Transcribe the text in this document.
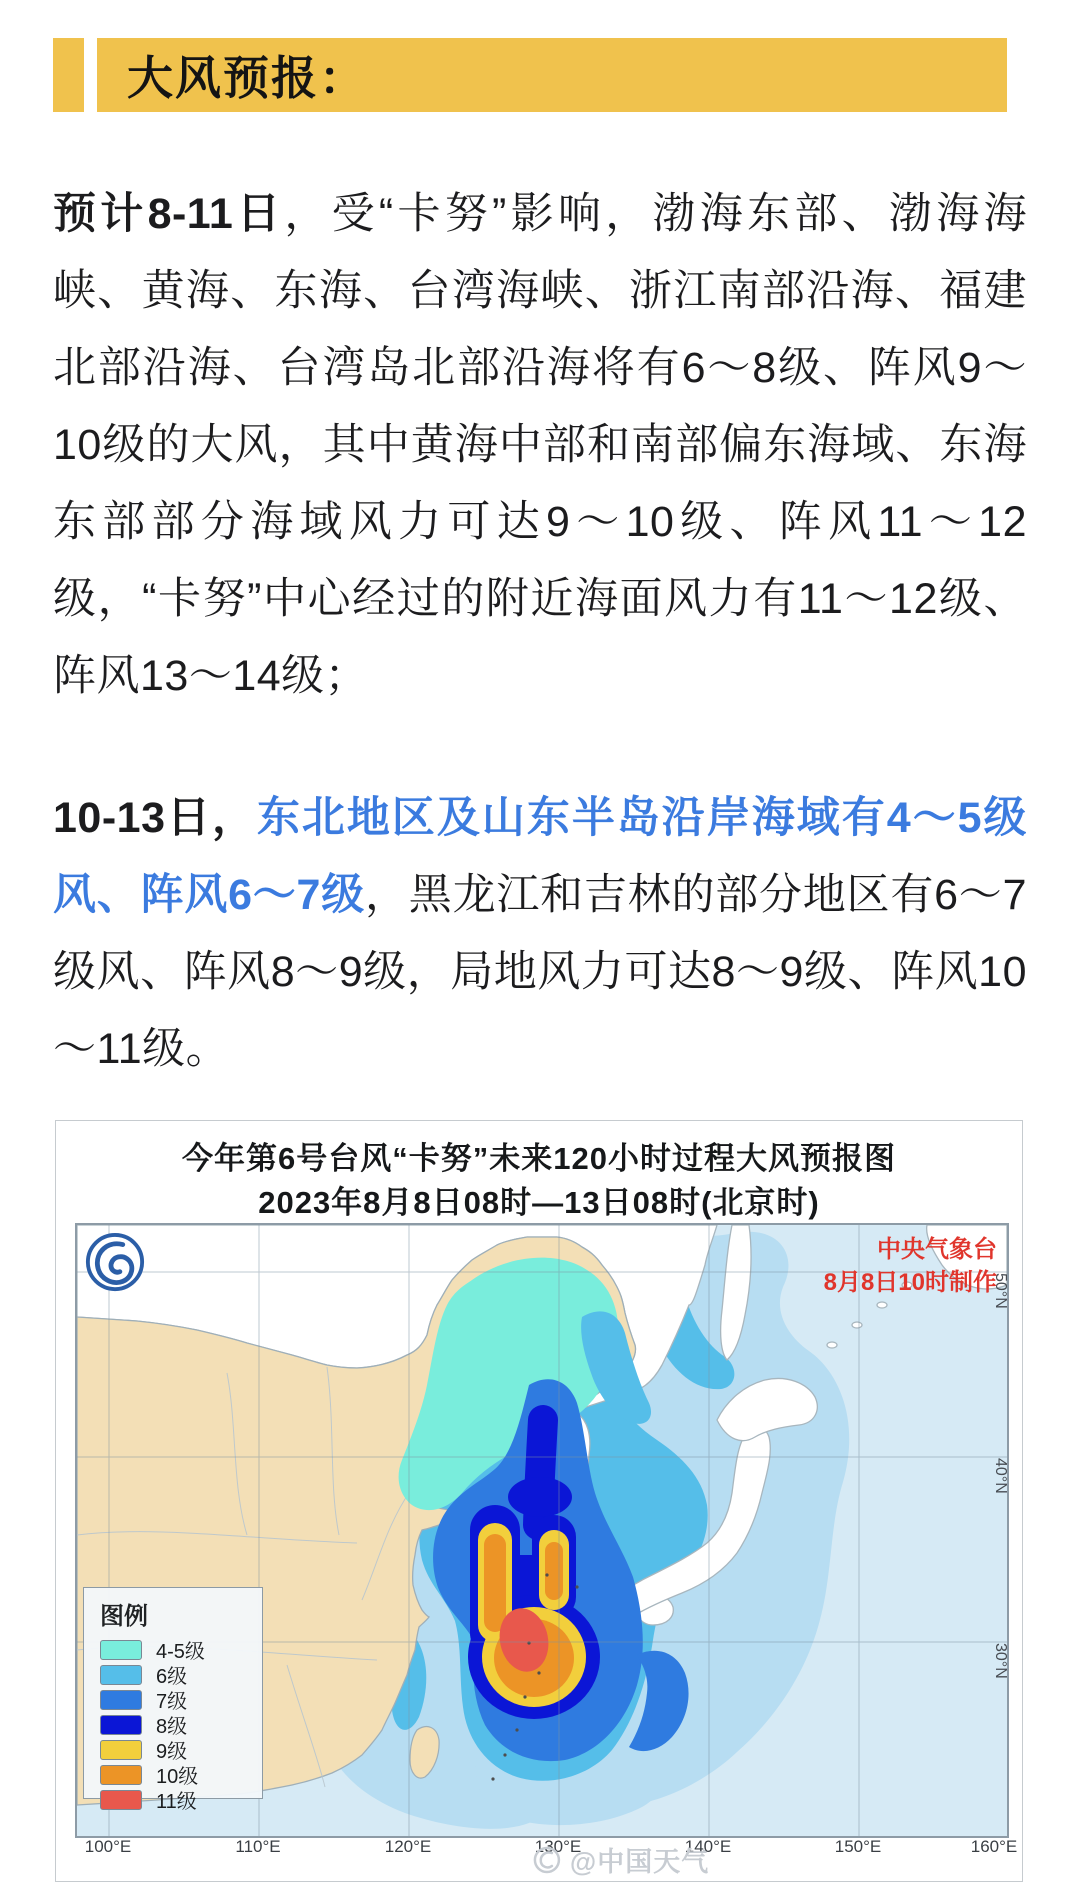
大风预报：

预计8-11日，受“卡努”影响，渤海东部、渤海海峡、黄海、东海、台湾海峡、浙江南部沿海、福建北部沿海、台湾岛北部沿海将有6～8级、阵风9～10级的大风，其中黄海中部和南部偏东海域、东海东部部分海域风力可达9～10级、阵风11～12级，“卡努”中心经过的附近海面风力有11～12级、阵风13～14级；

10-13日，东北地区及山东半岛沿岸海域有4～5级风、阵风6～7级，黑龙江和吉林的部分地区有6～7级风、阵风8～9级，局地风力可达8～9级、阵风10～11级。

今年第6号台风“卡努”未来120小时过程大风预报图
2023年8月8日08时—13日08时(北京时)
中央气象台
8月8日10时制作
图例
4-5级
6级
7级
8级
9级
10级
11级
100°E	110°E	120°E	130°E	140°E	150°E	160°E
50°N
40°N
30°N
@中国天气
